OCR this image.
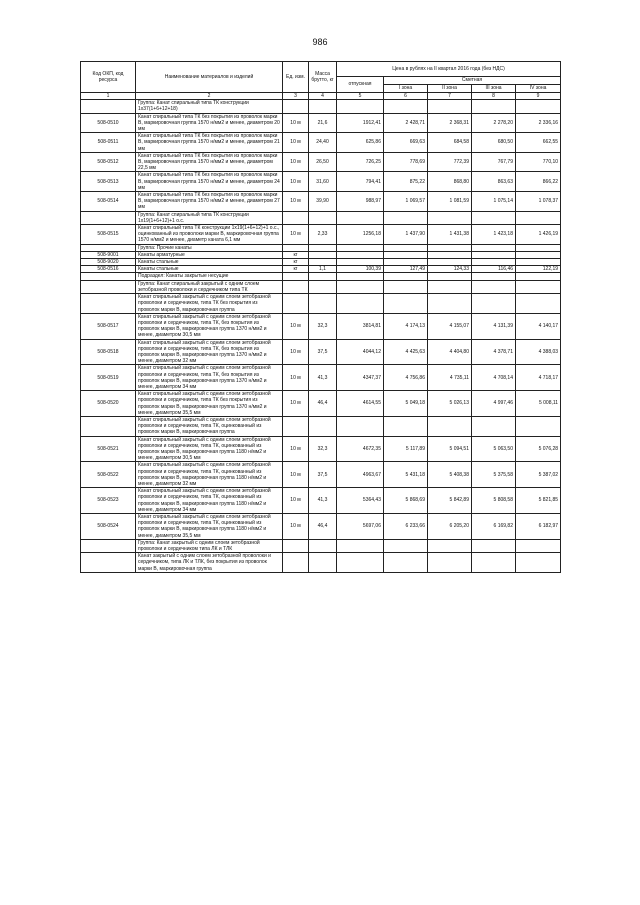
986
Код ОКП, код ресурса	Наименование материалов и изделий	Ед. изм.	Масса брутто, кг	Цена в рублях на II квартал 2016 года (без НДС)				
				отпускная	Сметная			
					I зона	II зона	III зона	IV зона
1	2	3	4	5	6	7	8	9
	Группа: Канат спиральный типа ТК конструкции 1х37(1+6+12+18)							
508-0510	Канат спиральный типа ТК без покрытия из проволок марки В, маркировочная группа 1570 н/мм2 и менее, диаметром 20 мм	10 м	21,6	1912,41	2 428,71	2 368,31	2 278,20	2 336,16
508-0511	Канат спиральный типа ТК без покрытия из проволок марки В, маркировочная группа 1570 н/мм2 и менее, диаметром 21 мм	10 м	24,40	625,86	669,63	684,58	680,50	662,55
508-0512	Канат спиральный типа ТК без покрытия из проволок марки В, маркировочная группа 1570 н/мм2 и менее, диаметром 22,5 мм	10 м	26,50	726,25	778,69	772,39	767,79	770,10
508-0513	Канат спиральный типа ТК без покрытия из проволок марки В, маркировочная группа 1570 н/мм2 и менее, диаметром 24 мм	10 м	31,60	794,41	875,22	868,80	863,63	866,22
508-0514	Канат спиральный типа ТК без покрытия из проволок марки В, маркировочная группа 1570 н/мм2 и менее, диаметром 27 мм	10 м	39,90	988,97	1 069,57	1 081,59	1 075,14	1 078,37
	Группа: Канат спиральный типа ТК конструкции 1х19(1+6+12)+1 о.с.							
508-0515	Канат спиральный типа ТК конструкции 1х19(1+6+12)+1 о.с., оцинкованный из проволоки марки В, маркировочная группа 1570 н/мм2 и менее, диаметр каната 6,1 мм	10 м	2,33	1256,18	1 437,90	1 431,38	1 423,18	1 426,19
	Группа: Прочие канаты							
508-9001	Канаты арматурные	кг						
508-9020	Канаты стальные	кг						
508-0516	Канаты стальные	кг	1,1	100,39	127,49	124,33	116,46	122,19
	Подраздел: Канаты закрытые несущие							
	Группа: Канат спиральный закрытый с одним слоем зетобразной проволоки и сердечником типа ТК							
	Канат спиральный закрытый с одним слоем зетобразной проволоки и сердечником, типа ТК без покрытия из проволок марки В, маркировочная группа							
508-0517	Канат спиральный закрытый с одним слоем зетобразной проволоки и сердечником, типа ТК, без покрытия из проволок марки В, маркировочная группа 1370 н/мм2 и менее, диаметром 30,5 мм	10 м	32,3	3814,81	4 174,13	4 155,07	4 131,39	4 140,17
508-0518	Канат спиральный закрытый с одним слоем зетобразной проволоки и сердечником, типа ТК, без покрытия из проволок марки В, маркировочная группа 1370 н/мм2 и менее, диаметром 32 мм	10 м	37,5	4044,12	4 425,63	4 404,80	4 378,71	4 388,03
508-0519	Канат спиральный закрытый с одним слоем зетобразной проволоки и сердечником, типа ТК, без покрытия из проволок марки В, маркировочная группа 1370 н/мм2 и менее, диаметром 34 мм	10 м	41,3	4347,37	4 756,86	4 735,11	4 708,14	4 718,17
508-0520	Канат спиральный закрытый с одним слоем зетобразной проволоки и сердечником, типа ТК без покрытия из проволок марки В, маркировочная группа 1370 н/мм2 и менее, диаметром 35,5 мм	10 м	46,4	4614,55	5 049,18	5 026,13	4 997,46	5 008,11
	Канат спиральный закрытый с одним слоем зетобразной проволоки и сердечником, типа ТК, оцинкованный из проволок марки В, маркировочная группа							
508-0521	Канат спиральный закрытый с одним слоем зетобразной проволоки и сердечником, типа ТК, оцинкованный из проволок марки В, маркировочная группа 1180 н/мм2 и менее, диаметром 30,5 мм	10 м	32,3	4672,35	5 117,89	5 094,51	5 063,50	5 076,28
508-0522	Канат спиральный закрытый с одним слоем зетобразной проволоки и сердечником, типа ТК, оцинкованный из проволок марки В, маркировочная группа 1180 н/мм2 и менее, диаметром 32 мм	10 м	37,5	4963,67	5 431,18	5 408,38	5 375,58	5 387,02
508-0523	Канат спиральный закрытый с одним слоем зетобразной проволоки и сердечником, типа ТК, оцинкованный из проволок марки В, маркировочная группа 1180 н/мм2 и менее, диаметром 34 мм	10 м	41,3	5364,43	5 868,69	5 842,89	5 808,58	5 821,85
508-0524	Канат спиральный закрытый с одним слоем зетобразной проволоки и сердечником, типа ТК, оцинкованный из проволок марки В, маркировочная группа 1180 н/мм2 и менее, диаметром 35,5 мм	10 м	46,4	5697,06	6 233,66	6 205,20	6 169,82	6 182,97
	Группа: Канат закрытый с одним слоем зетобразной проволоки и сердечником типа ЛК и ТЛК							
	Канат закрытый с одним слоем зетобразной проволоки и сердечником, типа ЛК и ТЛК, без покрытия из проволок марки В, маркировочная группа							
